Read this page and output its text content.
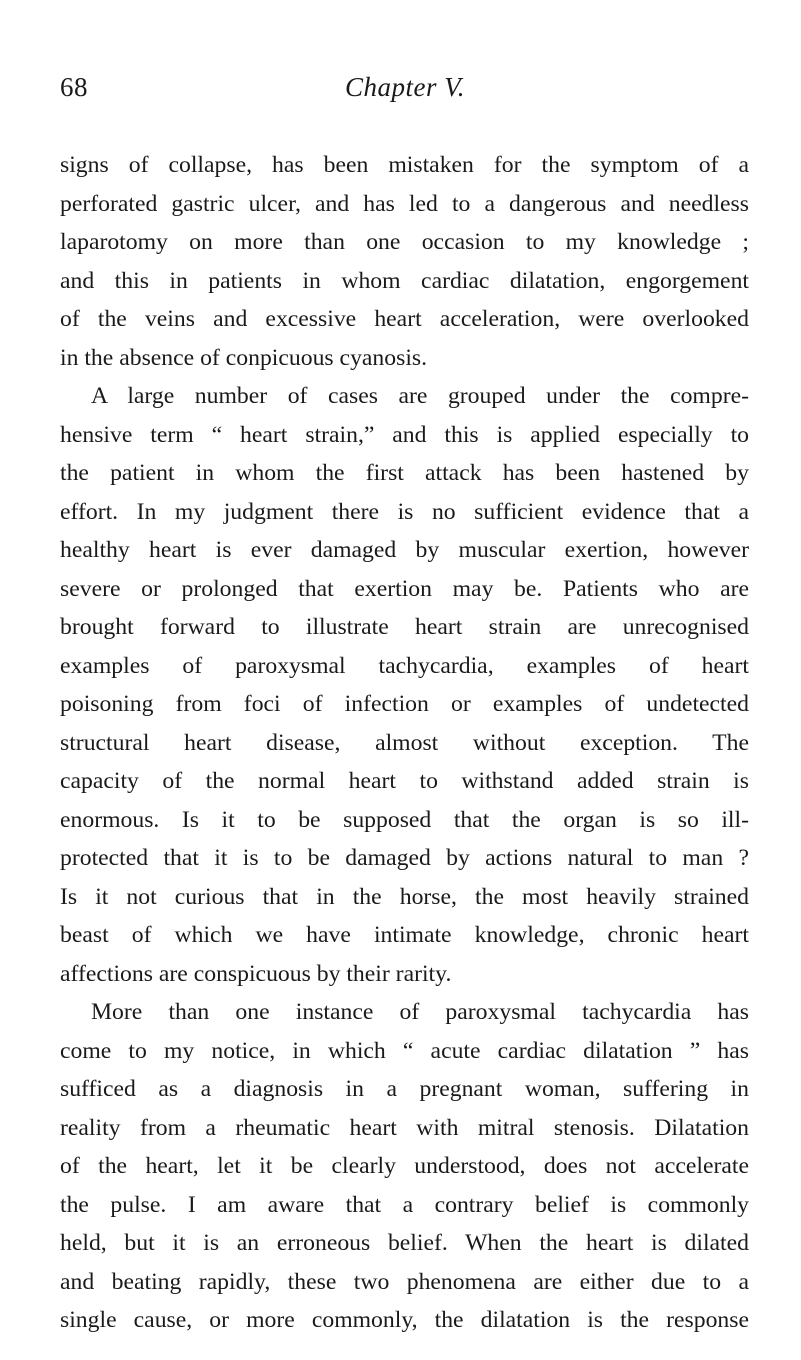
68	Chapter V.

signs of collapse, has been mistaken for the symptom of a
perforated gastric ulcer, and has led to a dangerous and needless
laparotomy on more than one occasion to my knowledge ;
and this in patients in whom cardiac dilatation, engorgement
of the veins and excessive heart acceleration, were overlooked
in the absence of conpicuous cyanosis.

A large number of cases are grouped under the compre-
hensive term “ heart strain,” and this is applied especially to
the patient in whom the first attack has been hastened by
effort. In my judgment there is no sufficient evidence that a
healthy heart is ever damaged by muscular exertion, however
severe or prolonged that exertion may be. Patients who are
brought forward to illustrate heart strain are unrecognised
examples of paroxysmal tachycardia, examples of heart
poisoning from foci of infection or examples of undetected
structural heart disease, almost without exception. The
capacity of the normal heart to withstand added strain is
enormous. Is it to be supposed that the organ is so ill-
protected that it is to be damaged by actions natural to man ?
Is it not curious that in the horse, the most heavily strained
beast of which we have intimate knowledge, chronic heart
affections are conspicuous by their rarity.

More than one instance of paroxysmal tachycardia has
come to my notice, in which “ acute cardiac dilatation ” has
sufficed as a diagnosis in a pregnant woman, suffering in
reality from a rheumatic heart with mitral stenosis. Dilatation
of the heart, let it be clearly understood, does not accelerate
the pulse. I am aware that a contrary belief is commonly
held, but it is an erroneous belief. When the heart is dilated
and beating rapidly, these two phenomena are either due to a
single cause, or more commonly, the dilatation is the response
